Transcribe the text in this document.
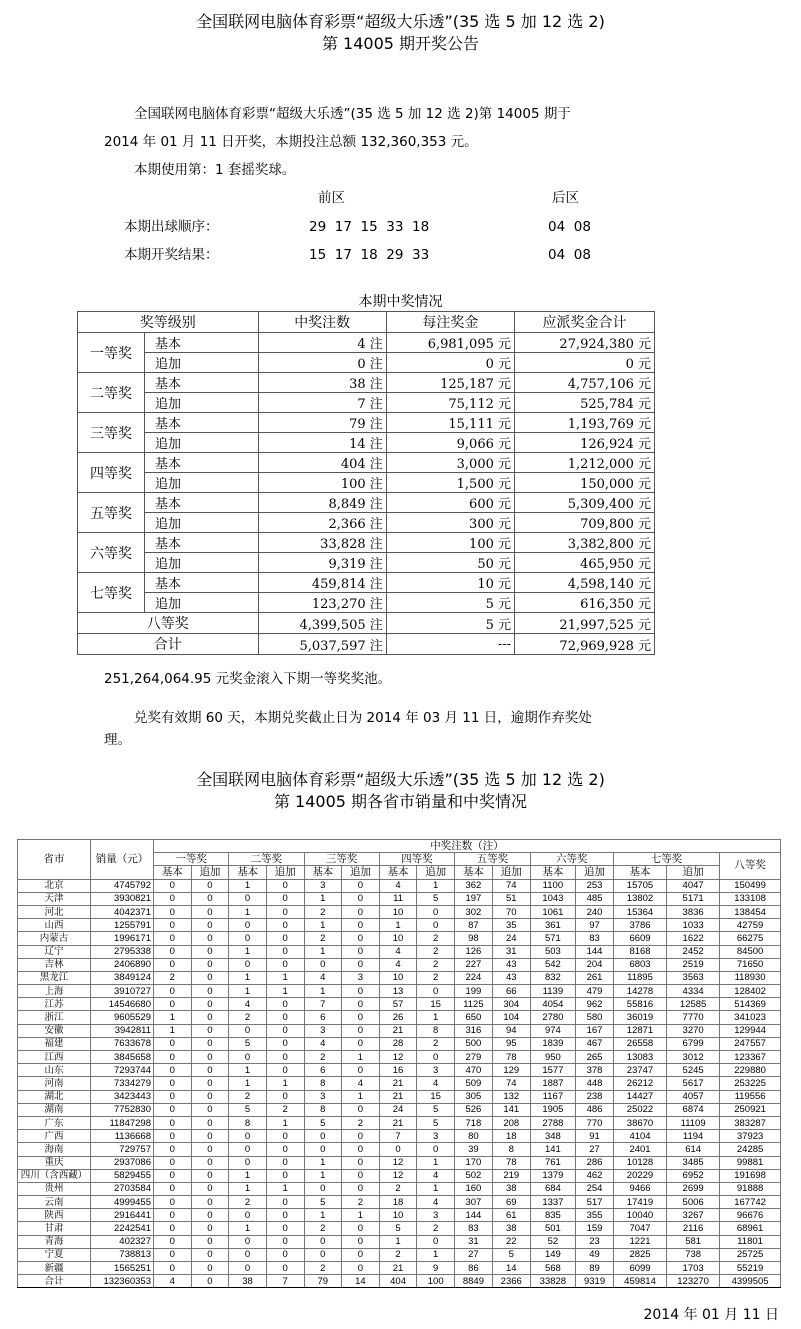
全国联网电脑体育彩票“超级大乐透”(35 选 5 加 12 选 2)
第 14005 期开奖公告
全国联网电脑体育彩票“超级大乐透”(35 选 5 加 12 选 2)第 14005 期于
2014 年 01 月 11 日开奖，本期投注总额 132,360,353 元。
本期使用第：1 套摇奖球。
前区	后区
本期出球顺序：	29  17  15  33  18	04  08
本期开奖结果：	15  17  18  29  33	04  08
本期中奖情况
奖等级别		中奖注数	每注奖金	应派奖金合计
一等奖	基本	4 注	6,981,095 元	27,924,380 元
	追加	0 注	0 元	0 元
二等奖	基本	38 注	125,187 元	4,757,106 元
	追加	7 注	75,112 元	525,784 元
三等奖	基本	79 注	15,111 元	1,193,769 元
	追加	14 注	9,066 元	126,924 元
四等奖	基本	404 注	3,000 元	1,212,000 元
	追加	100 注	1,500 元	150,000 元
五等奖	基本	8,849 注	600 元	5,309,400 元
	追加	2,366 注	300 元	709,800 元
六等奖	基本	33,828 注	100 元	3,382,800 元
	追加	9,319 注	50 元	465,950 元
七等奖	基本	459,814 注	10 元	4,598,140 元
	追加	123,270 注	5 元	616,350 元
八等奖		4,399,505 注	5 元	21,997,525 元
合计		5,037,597 注	---	72,969,928 元
251,264,064.95 元奖金滚入下期一等奖奖池。
兑奖有效期 60 天，本期兑奖截止日为 2014 年 03 月 11 日，逾期作弃奖处
理。
全国联网电脑体育彩票“超级大乐透”(35 选 5 加 12 选 2)
第 14005 期各省市销量和中奖情况
省市	销量（元）	中奖注数（注）														
		一等奖		二等奖		三等奖		四等奖		五等奖		六等奖		七等奖		八等奖
		基本	追加	基本	追加	基本	追加	基本	追加	基本	追加	基本	追加	基本	追加	
北京	4745792	0	0	1	0	3	0	4	1	362	74	1100	253	15705	4047	150499
天津	3930821	0	0	0	0	1	0	11	5	197	51	1043	485	13802	5171	133108
河北	4042371	0	0	1	0	2	0	10	0	302	70	1061	240	15364	3836	138454
山西	1255791	0	0	0	0	1	0	1	0	87	35	361	97	3786	1033	42759
内蒙古	1996171	0	0	0	0	2	0	10	2	98	24	571	83	6609	1622	66275
辽宁	2795338	0	0	1	0	1	0	4	2	126	31	503	144	8168	2452	84500
吉林	2406890	0	0	0	0	0	0	4	2	227	43	542	204	6803	2519	71650
黑龙江	3849124	2	0	1	1	4	3	10	2	224	43	832	261	11895	3563	118930
上海	3910727	0	0	1	1	1	0	13	0	199	66	1139	479	14278	4334	128402
江苏	14546680	0	0	4	0	7	0	57	15	1125	304	4054	962	55816	12585	514369
浙江	9605529	1	0	2	0	6	0	26	1	650	104	2780	580	36019	7770	341023
安徽	3942811	1	0	0	0	3	0	21	8	316	94	974	167	12871	3270	129944
福建	7633678	0	0	5	0	4	0	28	2	500	95	1839	467	26558	6799	247557
江西	3845658	0	0	0	0	2	1	12	0	279	78	950	265	13083	3012	123367
山东	7293744	0	0	1	0	6	0	16	3	470	129	1577	378	23747	5245	229880
河南	7334279	0	0	1	1	8	4	21	4	509	74	1887	448	26212	5617	253225
湖北	3423443	0	0	2	0	3	1	21	15	305	132	1167	238	14427	4057	119556
湖南	7752830	0	0	5	2	8	0	24	5	526	141	1905	486	25022	6874	250921
广东	11847298	0	0	8	1	5	2	21	5	718	208	2788	770	38670	11109	383287
广西	1136668	0	0	0	0	0	0	7	3	80	18	348	91	4104	1194	37923
海南	729757	0	0	0	0	0	0	0	0	39	8	141	27	2401	614	24285
重庆	2937086	0	0	0	0	1	0	12	1	170	78	761	286	10128	3485	99881
四川（含西藏）	5829455	0	0	1	0	1	0	12	4	502	219	1379	462	20229	6952	191698
贵州	2703584	0	0	1	1	0	0	2	1	160	38	684	254	9466	2699	91888
云南	4999455	0	0	2	0	5	2	18	4	307	69	1337	517	17419	5006	167742
陕西	2916441	0	0	0	0	1	1	10	3	144	61	835	355	10040	3267	96676
甘肃	2242541	0	0	1	0	2	0	5	2	83	38	501	159	7047	2116	68961
青海	402327	0	0	0	0	0	0	1	0	31	22	52	23	1221	581	11801
宁夏	738813	0	0	0	0	0	0	2	1	27	5	149	49	2825	738	25725
新疆	1565251	0	0	0	0	2	0	21	9	86	14	568	89	6099	1703	55219
合计	132360353	4	0	38	7	79	14	404	100	8849	2366	33828	9319	459814	123270	4399505
2014 年 01 月 11 日
